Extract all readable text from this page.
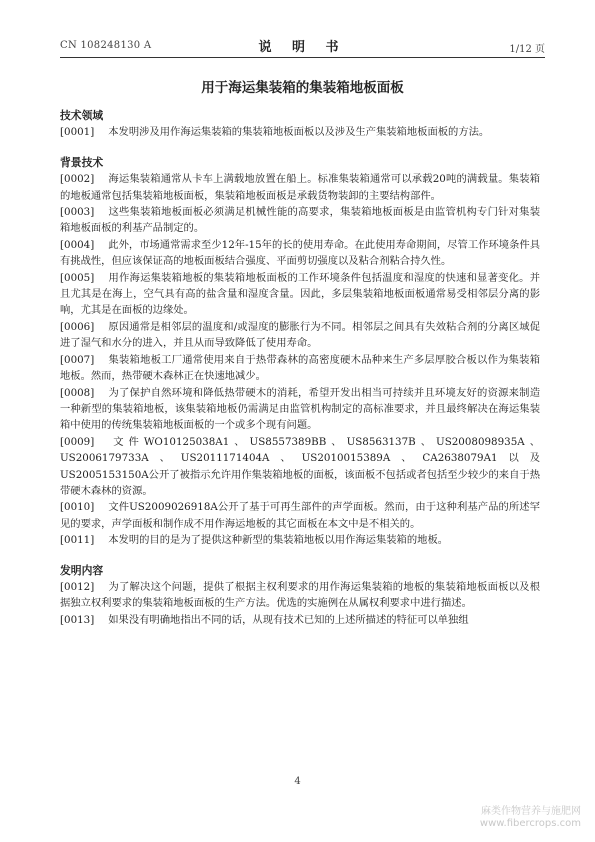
CN 108248130 A	说 明 书	1/12 页
用于海运集装箱的集装箱地板面板

技术领域

[0001] 本发明涉及用作海运集装箱的集装箱地板面板以及涉及生产集装箱地板面板的方法。

背景技术

[0002] 海运集装箱通常从卡车上满载地放置在船上。标准集装箱通常可以承载20吨的满载量。集装箱的地板通常包括集装箱地板面板，集装箱地板面板是承载货物装卸的主要结构部件。

[0003] 这些集装箱地板面板必须满足机械性能的高要求，集装箱地板面板是由监管机构专门针对集装箱地板面板的利基产品制定的。

[0004] 此外，市场通常需求至少12年-15年的长的使用寿命。在此使用寿命期间，尽管工作环境条件具有挑战性，但应该保证高的地板面板结合强度、平面剪切强度以及粘合剂粘合持久性。

[0005] 用作海运集装箱地板的集装箱地板面板的工作环境条件包括温度和湿度的快速和显著变化。并且尤其是在海上，空气具有高的盐含量和湿度含量。因此，多层集装箱地板面板通常易受相邻层分离的影响，尤其是在面板的边缘处。

[0006] 原因通常是相邻层的温度和/或湿度的膨胀行为不同。相邻层之间具有失效粘合剂的分离区域促进了湿气和水分的进入，并且从而导致降低了使用寿命。

[0007] 集装箱地板工厂通常使用来自于热带森林的高密度硬木品种来生产多层厚胶合板以作为集装箱地板。然而，热带硬木森林正在快速地减少。

[0008] 为了保护自然环境和降低热带硬木的消耗，希望开发出相当可持续并且环境友好的资源来制造一种新型的集装箱地板，该集装箱地板仍需满足由监管机构制定的高标准要求，并且最终解决在海运集装箱中使用的传统集装箱地板面板的一个或多个现有问题。

[0009] 文件WO10125038A1、US8557389BB、US8563137B、US2008098935A、US2006179733A、US2011171404A、US2010015389A、CA2638079A1以及US2005153150A公开了被指示允许用作集装箱地板的面板，该面板不包括或者包括至少较少的来自于热带硬木森林的资源。

[0010] 文件US2009026918A公开了基于可再生部件的声学面板。然而，由于这种利基产品的所述罕见的要求，声学面板和制作成不用作海运地板的其它面板在本文中是不相关的。

[0011] 本发明的目的是为了提供这种新型的集装箱地板以用作海运集装箱的地板。

发明内容

[0012] 为了解决这个问题，提供了根据主权利要求的用作海运集装箱的地板的集装箱地板面板以及根据独立权利要求的集装箱地板面板的生产方法。优选的实施例在从属权利要求中进行描述。

[0013] 如果没有明确地指出不同的话，从现有技术已知的上述所描述的特征可以单独组

4
麻类作物营养与施肥网
www.fibercrops.com
